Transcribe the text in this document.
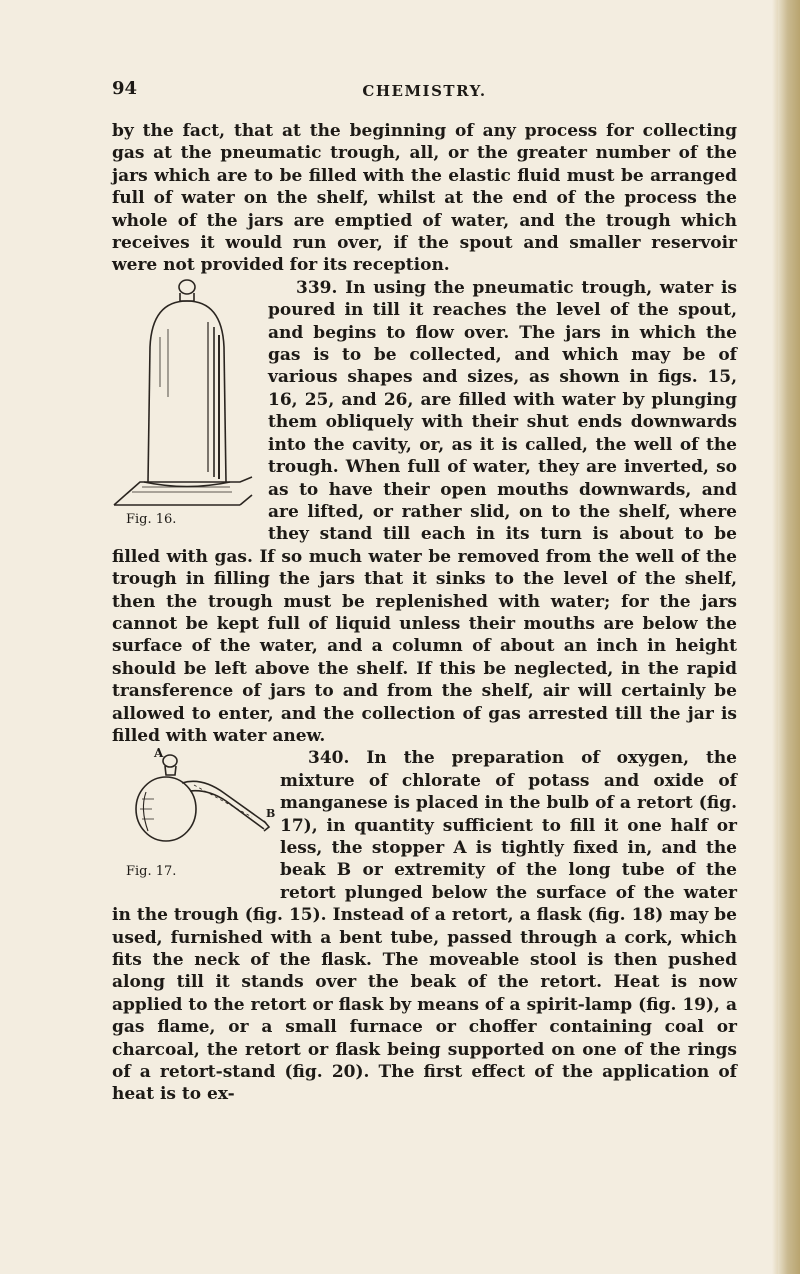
94	CHEMISTRY.

by the fact, that at the beginning of any process for collecting gas at the pneumatic trough, all, or the greater number of the jars which are to be filled with the elastic fluid must be arranged full of water on the shelf, whilst at the end of the process the whole of the jars are emptied of water, and the trough which receives it would run over, if the spout and smaller reservoir were not provided for its reception.

Fig. 16.

339. In using the pneumatic trough, water is poured in till it reaches the level of the spout, and begins to flow over. The jars in which the gas is to be collected, and which may be of various shapes and sizes, as shown in figs. 15, 16, 25, and 26, are filled with water by plunging them obliquely with their shut ends downwards into the cavity, or, as it is called, the well of the trough. When full of water, they are inverted, so as to have their open mouths downwards, and are lifted, or rather slid, on to the shelf, where they stand till each in its turn is about to be filled with gas. If so much water be removed from the well of the trough in filling the jars that it sinks to the level of the shelf, then the trough must be replenished with water; for the jars cannot be kept full of liquid unless their mouths are below the surface of the water, and a column of about an inch in height should be left above the shelf. If this be neglected, in the rapid transference of jars to and from the shelf, air will certainly be allowed to enter, and the collection of gas arrested till the jar is filled with water anew.

A
B
Fig. 17.

340. In the preparation of oxygen, the mixture of chlorate of potass and oxide of manganese is placed in the bulb of a retort (fig. 17), in quantity sufficient to fill it one half or less, the stopper A is tightly fixed in, and the beak B or extremity of the long tube of the retort plunged below the surface of the water in the trough (fig. 15). Instead of a retort, a flask (fig. 18) may be used, furnished with a bent tube, passed through a cork, which fits the neck of the flask. The moveable stool is then pushed along till it stands over the beak of the retort. Heat is now applied to the retort or flask by means of a spirit-lamp (fig. 19), a gas flame, or a small furnace or choffer containing coal or charcoal, the retort or flask being supported on one of the rings of a retort-stand (fig. 20). The first effect of the application of heat is to ex-
